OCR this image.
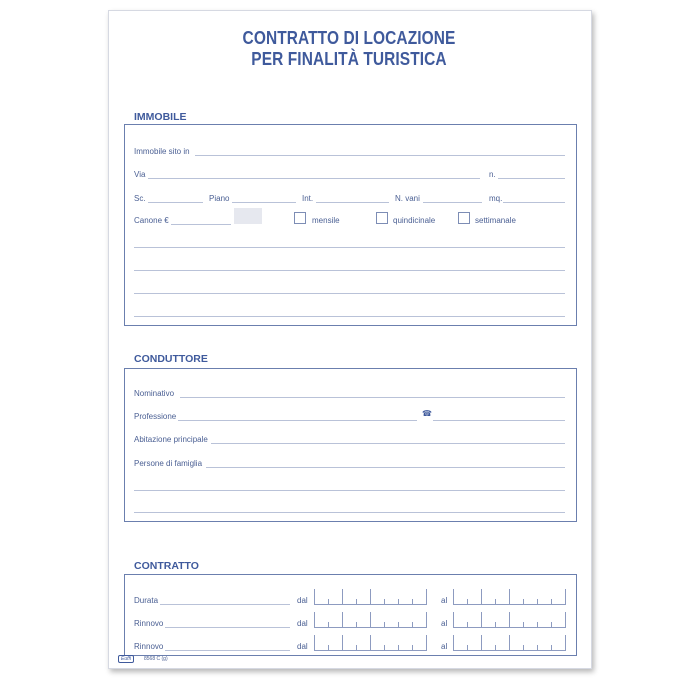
CONTRATTO DI LOCAZIONE
PER FINALITÀ TURISTICA
IMMOBILE
Immobile sito in
Via	n.
Sc.	Piano	Int.	N. vani	mq.
Canone €	mensile	quindicinale	settimanale
CONDUTTORE
Nominativo
Professione	☎
Abitazione principale
Persone di famiglia
CONTRATTO
Durata	dal	al
Rinnovo	dal	al
Rinnovo	dal	al
Euffi	8568 C (g)
